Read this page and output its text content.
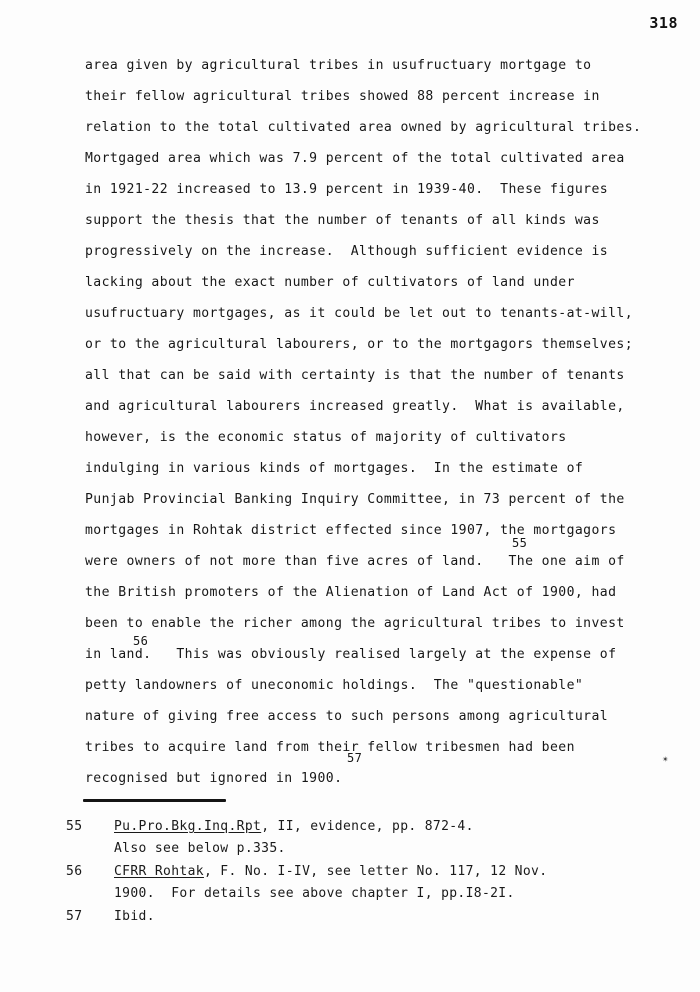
318
area given by agricultural tribes in usufructuary mortgage to
their fellow agricultural tribes showed 88 percent increase in
relation to the total cultivated area owned by agricultural tribes.
Mortgaged area which was 7.9 percent of the total cultivated area
in 1921-22 increased to 13.9 percent in 1939-40.  These figures
support the thesis that the number of tenants of all kinds was
progressively on the increase.  Although sufficient evidence is
lacking about the exact number of cultivators of land under
usufructuary mortgages, as it could be let out to tenants-at-will,
or to the agricultural labourers, or to the mortgagors themselves;
all that can be said with certainty is that the number of tenants
and agricultural labourers increased greatly.  What is available,
however, is the economic status of majority of cultivators
indulging in various kinds of mortgages.  In the estimate of
Punjab Provincial Banking Inquiry Committee, in 73 percent of the
mortgages in Rohtak district effected since 1907, the mortgagors
were owners of not more than five acres of land.   The one aim of
the British promoters of the Alienation of Land Act of 1900, had
been to enable the richer among the agricultural tribes to invest
in land.   This was obviously realised largely at the expense of
petty landowners of uneconomic holdings.  The "questionable"
nature of giving free access to such persons among agricultural
tribes to acquire land from their fellow tribesmen had been
recognised but ignored in 1900.
55	Pu.Pro.Bkg.Inq.Rpt, II, evidence, pp. 872-4.
Also see below p.335.
56	CFRR Rohtak, F. No. I-IV, see letter No. 117, 12 Nov.
1900.  For details see above chapter I, pp.I8-2I.
57	Ibid.
55
56
57	✴
